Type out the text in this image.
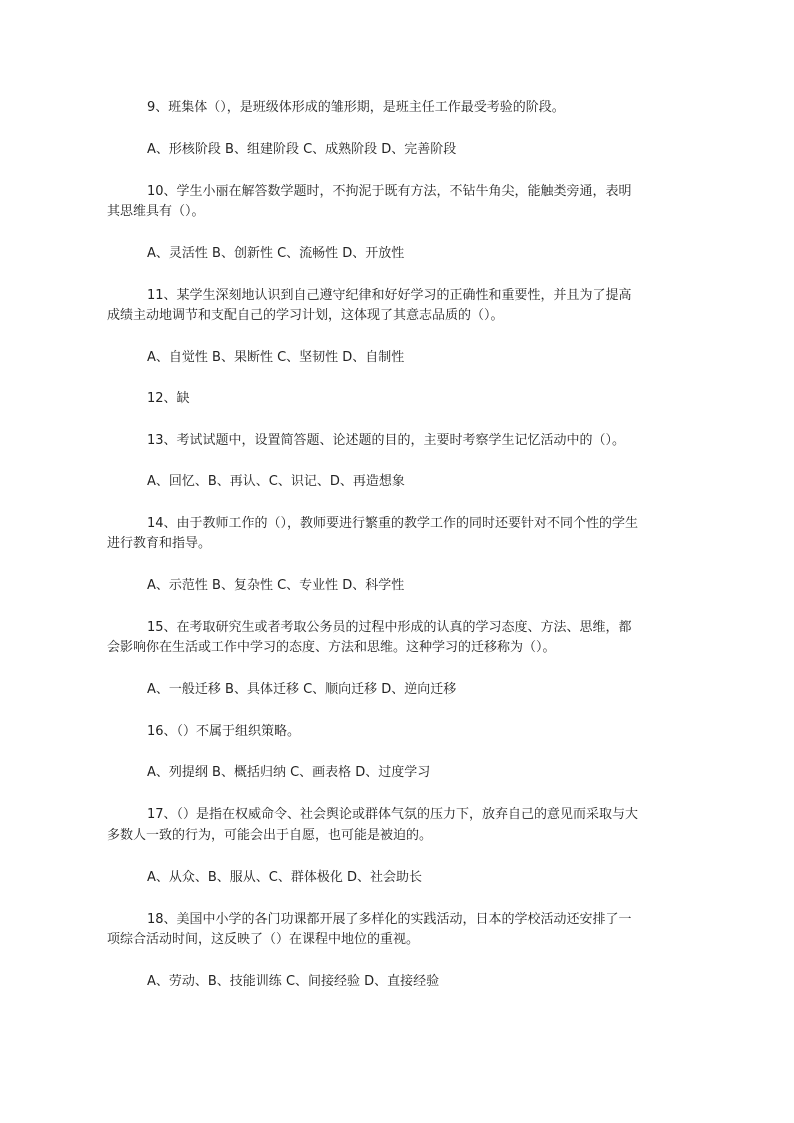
9、班集体（），是班级体形成的雏形期，是班主任工作最受考验的阶段。
A、形核阶段 B、组建阶段 C、成熟阶段 D、完善阶段
10、学生小丽在解答数学题时，不拘泥于既有方法，不钻牛角尖，能触类旁通，表明
其思维具有（）。
A、灵活性 B、创新性 C、流畅性 D、开放性
11、某学生深刻地认识到自己遵守纪律和好好学习的正确性和重要性，并且为了提高
成绩主动地调节和支配自己的学习计划，这体现了其意志品质的（）。
A、自觉性 B、果断性 C、坚韧性 D、自制性
12、缺
13、考试试题中，设置简答题、论述题的目的，主要时考察学生记忆活动中的（）。
A、回忆、B、再认、C、识记、D、再造想象
14、由于教师工作的（），教师要进行繁重的教学工作的同时还要针对不同个性的学生
进行教育和指导。
A、示范性 B、复杂性 C、专业性 D、科学性
15、在考取研究生或者考取公务员的过程中形成的认真的学习态度、方法、思维，都
会影响你在生活或工作中学习的态度、方法和思维。这种学习的迁移称为（）。
A、一般迁移 B、具体迁移 C、顺向迁移 D、逆向迁移
16、（）不属于组织策略。
A、列提纲 B、概括归纳 C、画表格 D、过度学习
17、（）是指在权威命令、社会舆论或群体气氛的压力下，放弃自己的意见而采取与大
多数人一致的行为，可能会出于自愿，也可能是被迫的。
A、从众、B、服从、C、群体极化 D、社会助长
18、美国中小学的各门功课都开展了多样化的实践活动，日本的学校活动还安排了一
项综合活动时间，这反映了（）在课程中地位的重视。
A、劳动、B、技能训练 C、间接经验 D、直接经验
